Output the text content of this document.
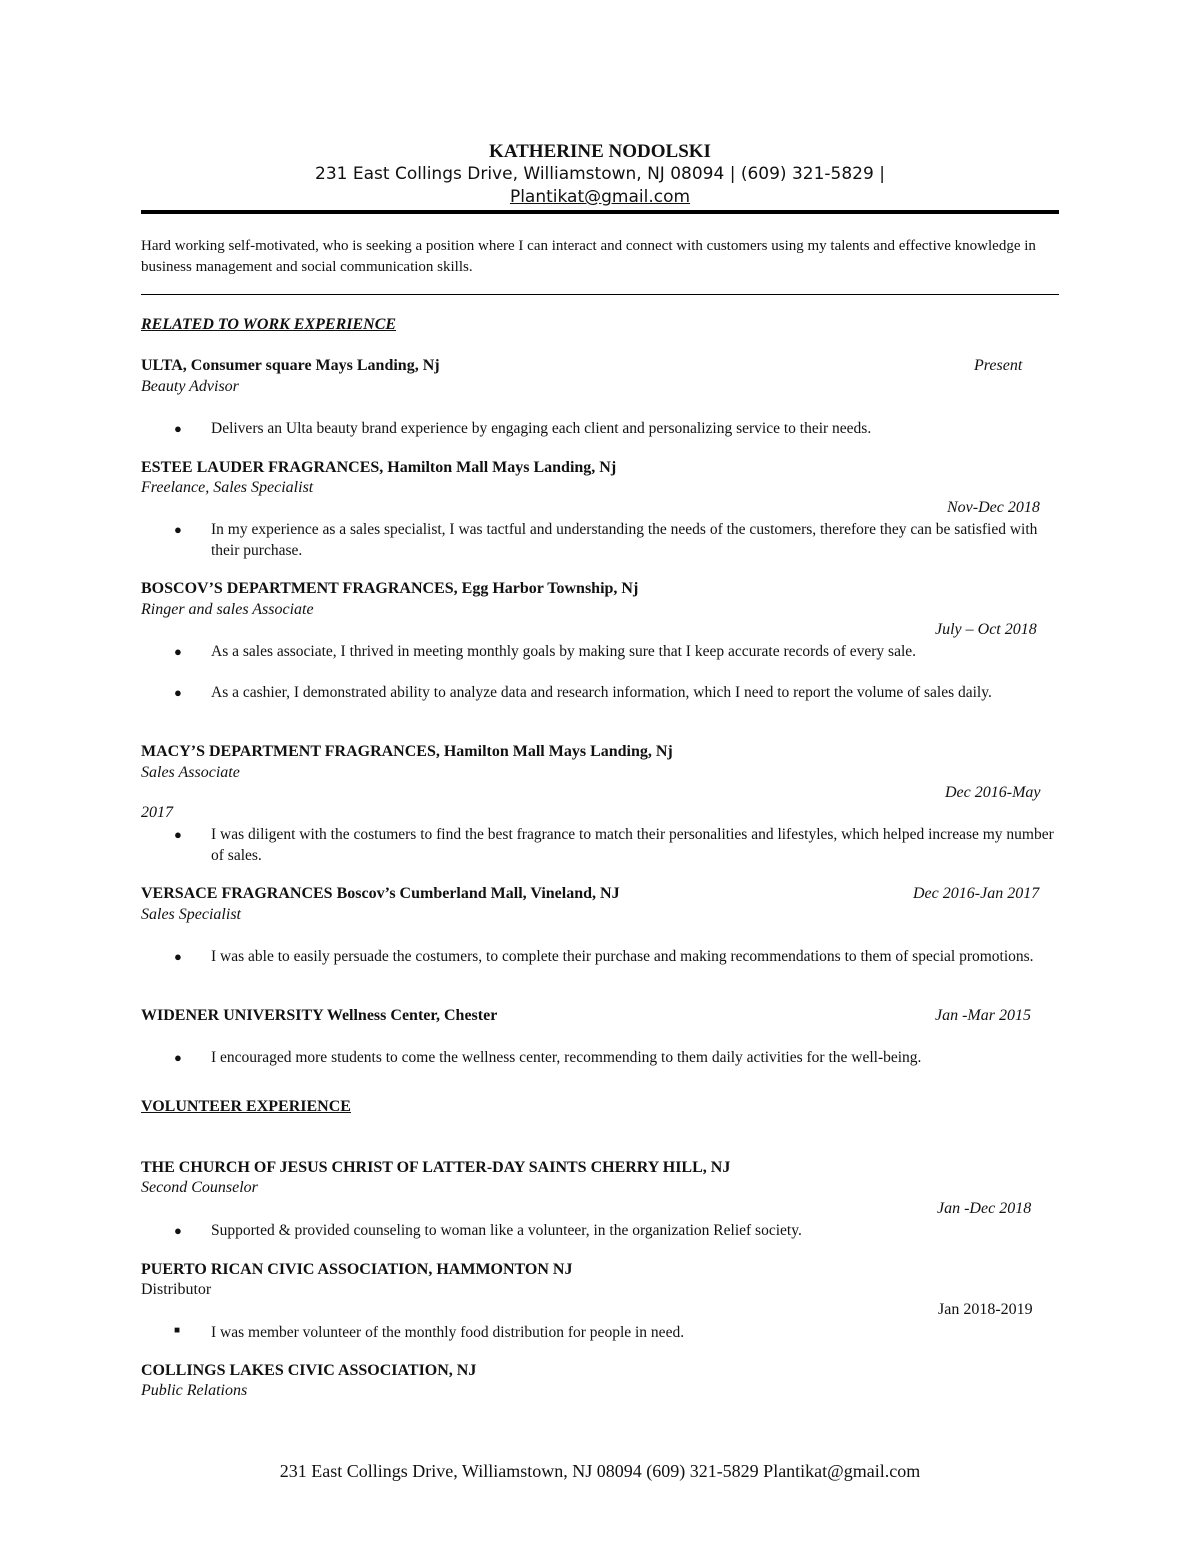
KATHERINE NODOLSKI
231 East Collings Drive, Williamstown, NJ 08094 | (609) 321-5829 |
Plantikat@gmail.com
Hard working self-motivated, who is seeking a position where I can interact and connect with customers using my talents and effective knowledge in business management and social communication skills.
RELATED TO WORK EXPERIENCE
ULTA, Consumer square Mays Landing, Nj	Present
Beauty Advisor
● Delivers an Ulta beauty brand experience by engaging each client and personalizing service to their needs.
ESTEE LAUDER FRAGRANCES, Hamilton Mall Mays Landing, Nj
Freelance, Sales Specialist
Nov-Dec 2018
● In my experience as a sales specialist, I was tactful and understanding the needs of the customers, therefore they can be satisfied with their purchase.
BOSCOV’S DEPARTMENT FRAGRANCES, Egg Harbor Township, Nj
Ringer and sales Associate
July – Oct 2018
● As a sales associate, I thrived in meeting monthly goals by making sure that I keep accurate records of every sale.
● As a cashier, I demonstrated ability to analyze data and research information, which I need to report the volume of sales daily.
MACY’S DEPARTMENT FRAGRANCES, Hamilton Mall Mays Landing, Nj
Sales Associate
Dec 2016-May
2017
● I was diligent with the costumers to find the best fragrance to match their personalities and lifestyles, which helped increase my number of sales.
VERSACE FRAGRANCES Boscov’s Cumberland Mall, Vineland, NJ	Dec 2016-Jan 2017
Sales Specialist
● I was able to easily persuade the costumers, to complete their purchase and making recommendations to them of special promotions.
WIDENER UNIVERSITY Wellness Center, Chester	Jan -Mar 2015
● I encouraged more students to come the wellness center, recommending to them daily activities for the well-being.
VOLUNTEER EXPERIENCE
THE CHURCH OF JESUS CHRIST OF LATTER-DAY SAINTS CHERRY HILL, NJ
Second Counselor
Jan -Dec 2018
● Supported & provided counseling to woman like a volunteer, in the organization Relief society.
PUERTO RICAN CIVIC ASSOCIATION, HAMMONTON NJ
Distributor
Jan 2018-2019
■ I was member volunteer of the monthly food distribution for people in need.
COLLINGS LAKES CIVIC ASSOCIATION, NJ
Public Relations
231 East Collings Drive, Williamstown, NJ 08094 (609) 321-5829 Plantikat@gmail.com
